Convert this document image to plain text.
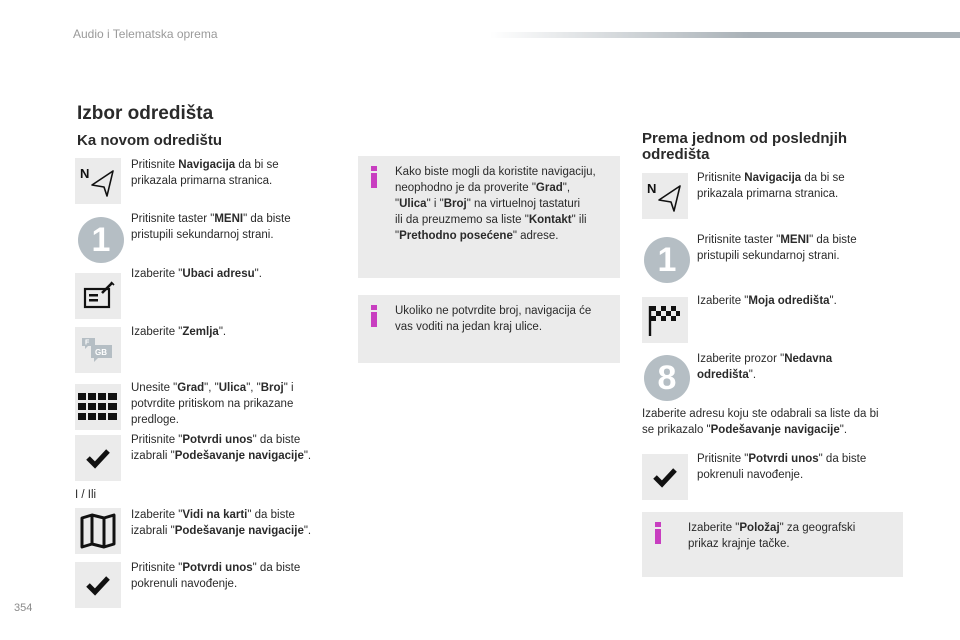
Audio i Telematska oprema
Izbor odredišta
Ka novom odredištu
N
Pritisnite Navigacija da bi se
prikazala primarna stranica.
1
Pritisnite taster "MENI" da biste
pristupili sekundarnoj strani.
Izaberite "Ubaci adresu".
F
GB
Izaberite "Zemlja".
Unesite "Grad", "Ulica", "Broj" i
potvrdite pritiskom na prikazane
predloge.
Pritisnite "Potvrdi unos" da biste
izabrali "Podešavanje navigacije".
I / Ili
Izaberite "Vidi na karti" da biste
izabrali "Podešavanje navigacije".
Pritisnite "Potvrdi unos" da biste
pokrenuli navođenje.
Kako biste mogli da koristite navigaciju,
neophodno je da proverite "Grad",
"Ulica" i "Broj" na virtuelnoj tastaturi
ili da preuzmemo sa liste "Kontakt" ili
"Prethodno posećene" adrese.
Ukoliko ne potvrdite broj, navigacija će
vas voditi na jedan kraj ulice.
Prema jednom od poslednjih
odredišta
N
Pritisnite Navigacija da bi se
prikazala primarna stranica.
1
Pritisnite taster "MENI" da biste
pristupili sekundarnoj strani.
Izaberite "Moja odredišta".
8	Izaberite prozor "Nedavna
odredišta".
Izaberite adresu koju ste odabrali sa liste da bi
se prikazalo "Podešavanje navigacije".
Pritisnite "Potvrdi unos" da biste
pokrenuli navođenje.
Izaberite "Položaj" za geografski
prikaz krajnje tačke.
354
